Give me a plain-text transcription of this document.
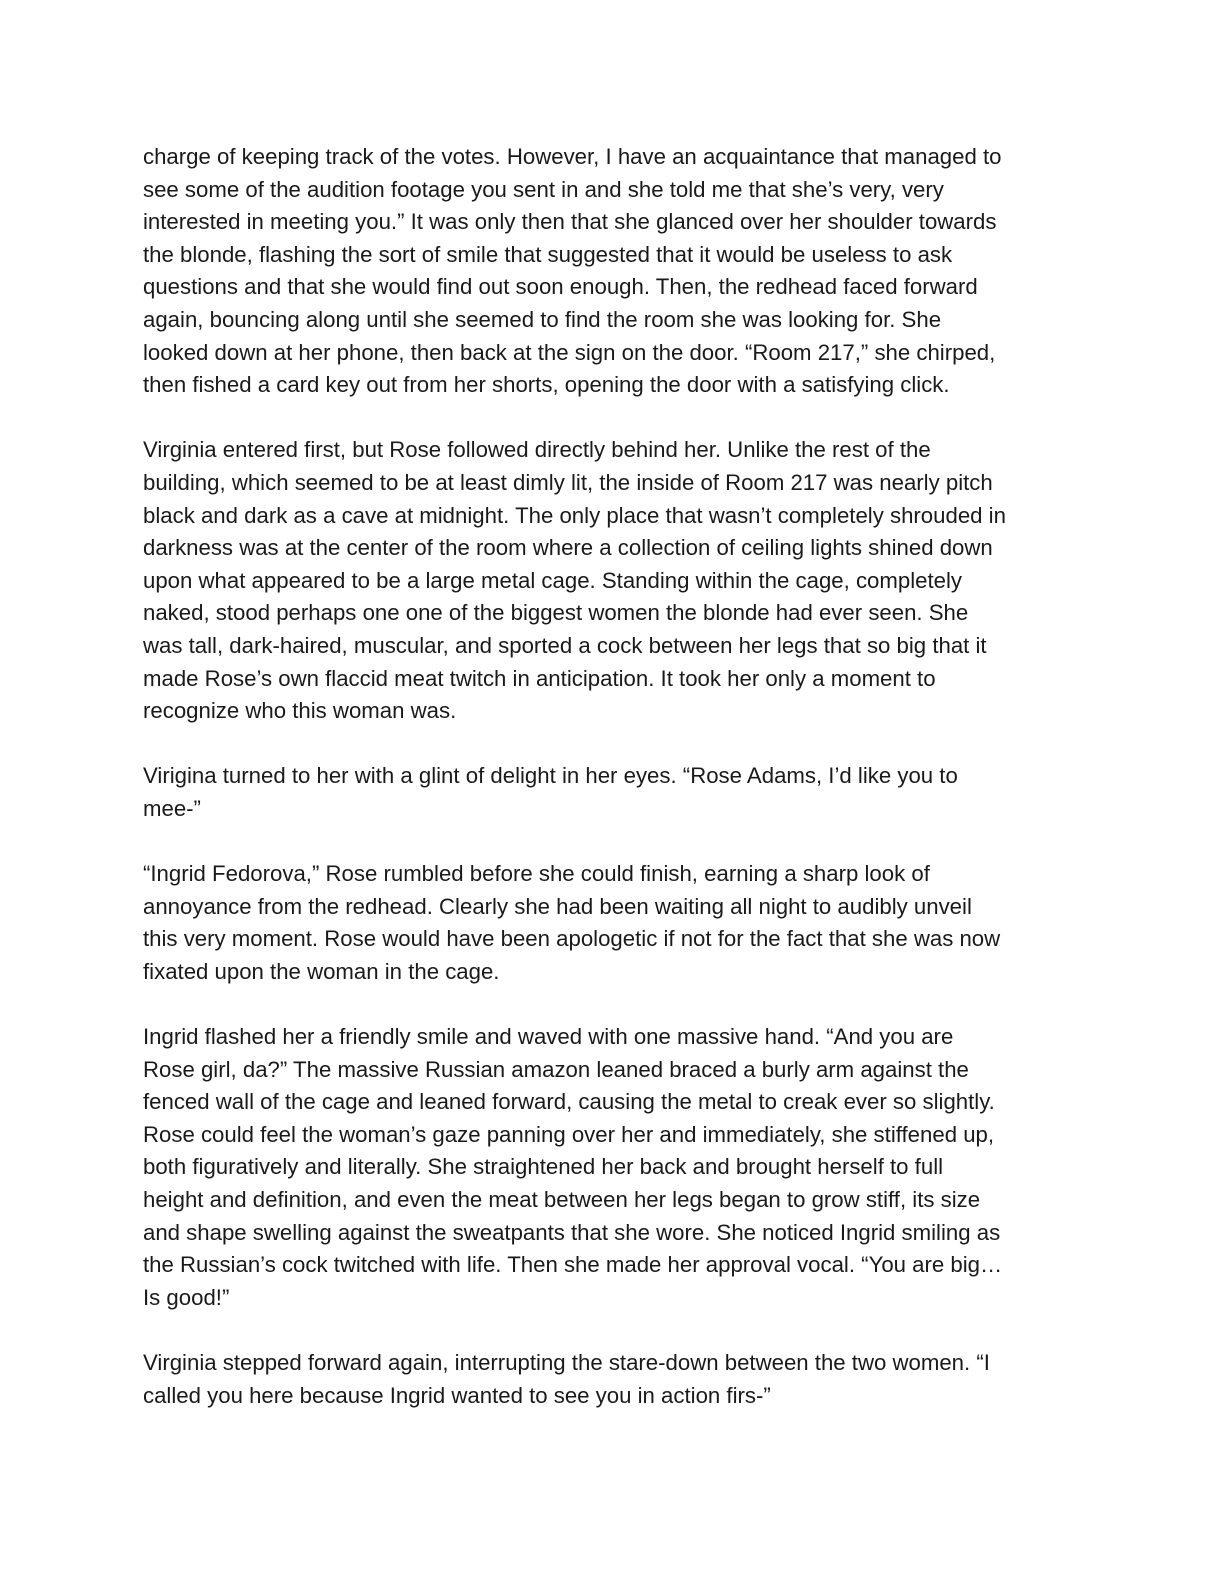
charge of keeping track of the votes. However, I have an acquaintance that managed to
see some of the audition footage you sent in and she told me that she’s very, very
interested in meeting you.” It was only then that she glanced over her shoulder towards
the blonde, flashing the sort of smile that suggested that it would be useless to ask
questions and that she would find out soon enough. Then, the redhead faced forward
again, bouncing along until she seemed to find the room she was looking for. She
looked down at her phone, then back at the sign on the door. “Room 217,” she chirped,
then fished a card key out from her shorts, opening the door with a satisfying click.

Virginia entered first, but Rose followed directly behind her. Unlike the rest of the
building, which seemed to be at least dimly lit, the inside of Room 217 was nearly pitch
black and dark as a cave at midnight. The only place that wasn’t completely shrouded in
darkness was at the center of the room where a collection of ceiling lights shined down
upon what appeared to be a large metal cage. Standing within the cage, completely
naked, stood perhaps one one of the biggest women the blonde had ever seen. She
was tall, dark-haired, muscular, and sported a cock between her legs that so big that it
made Rose’s own flaccid meat twitch in anticipation. It took her only a moment to
recognize who this woman was.

Virigina turned to her with a glint of delight in her eyes. “Rose Adams, I’d like you to
mee-”

“Ingrid Fedorova,” Rose rumbled before she could finish, earning a sharp look of
annoyance from the redhead. Clearly she had been waiting all night to audibly unveil
this very moment. Rose would have been apologetic if not for the fact that she was now
fixated upon the woman in the cage.

Ingrid flashed her a friendly smile and waved with one massive hand. “And you are
Rose girl, da?” The massive Russian amazon leaned braced a burly arm against the
fenced wall of the cage and leaned forward, causing the metal to creak ever so slightly.
Rose could feel the woman’s gaze panning over her and immediately, she stiffened up,
both figuratively and literally. She straightened her back and brought herself to full
height and definition, and even the meat between her legs began to grow stiff, its size
and shape swelling against the sweatpants that she wore. She noticed Ingrid smiling as
the Russian’s cock twitched with life. Then she made her approval vocal. “You are big…
Is good!”

Virginia stepped forward again, interrupting the stare-down between the two women. “I
called you here because Ingrid wanted to see you in action firs-”
